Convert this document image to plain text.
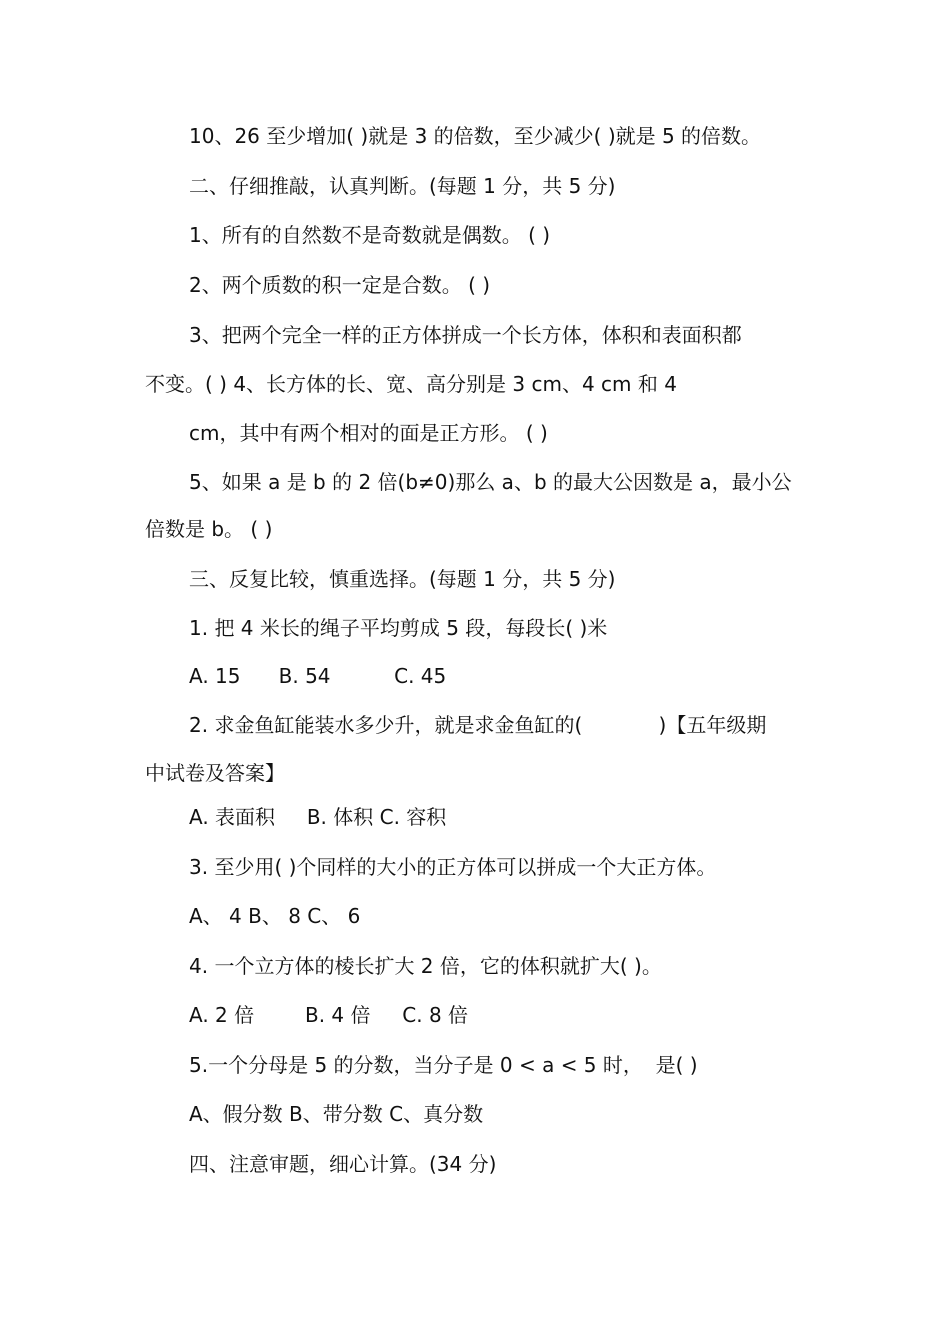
10、26 至少增加( )就是 3 的倍数，至少减少( )就是 5 的倍数。
二、仔细推敲，认真判断。(每题 1 分，共 5 分)
1、所有的自然数不是奇数就是偶数。 ( )
2、两个质数的积一定是合数。 ( )
3、把两个完全一样的正方体拼成一个长方体，体积和表面积都
不变。( ) 4、长方体的长、宽、高分别是 3 cm、4 cm 和 4
cm，其中有两个相对的面是正方形。 ( )
5、如果 a 是 b 的 2 倍(b≠0)那么 a、b 的最大公因数是 a，最小公
倍数是 b。 ( )
三、反复比较，慎重选择。(每题 1 分，共 5 分)
1. 把 4 米长的绳子平均剪成 5 段，每段长( )米
A. 15      B. 54          C. 45
2. 求金鱼缸能装水多少升，就是求金鱼缸的(            )【五年级期
中试卷及答案】
A. 表面积     B. 体积 C. 容积
3. 至少用( )个同样的大小的正方体可以拼成一个大正方体。
A、 4 B、 8 C、 6
4. 一个立方体的棱长扩大 2 倍，它的体积就扩大( )。
A. 2 倍        B. 4 倍     C. 8 倍
5.一个分母是 5 的分数，当分子是 0 < a < 5 时，  是( )
A、假分数 B、带分数 C、真分数
四、注意审题，细心计算。(34 分)
